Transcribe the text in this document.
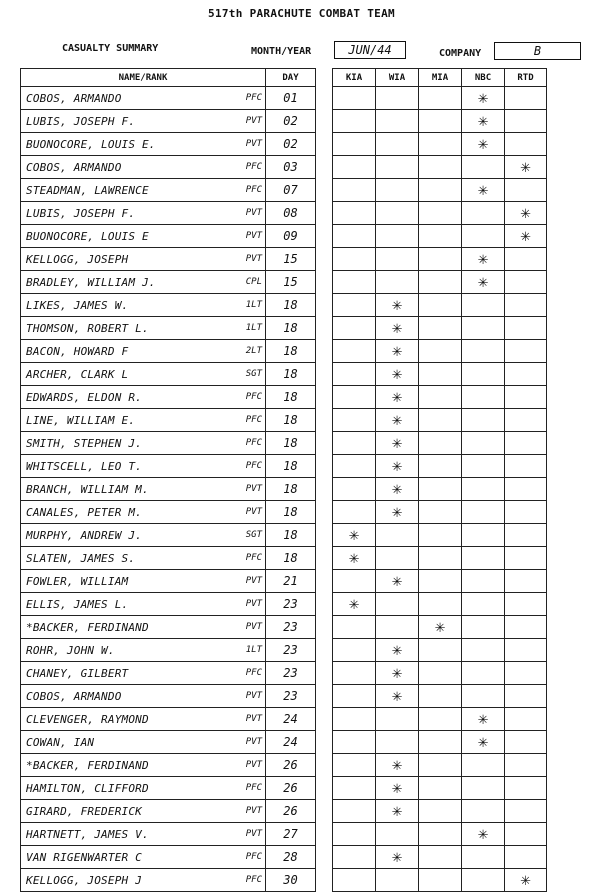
517th PARACHUTE COMBAT TEAM
CASUALTY SUMMARY	MONTH/YEAR	JUN/44	COMPANY	B
NAME/RANK	DAY		KIA	WIA	MIA	NBC	RTD

COBOS, ARMANDO PFC	01					✳	

LUBIS, JOSEPH F. PVT	02					✳	

BUONOCORE, LOUIS E. PVT	02					✳	

COBOS, ARMANDO PFC	03						✳

STEADMAN, LAWRENCE PFC	07					✳	

LUBIS, JOSEPH F. PVT	08						✳

BUONOCORE, LOUIS E PVT	09						✳

KELLOGG, JOSEPH PVT	15					✳	

BRADLEY, WILLIAM J. CPL	15					✳	

LIKES, JAMES W. 1LT	18			✳			

THOMSON, ROBERT L. 1LT	18			✳			

BACON, HOWARD F 2LT	18			✳			

ARCHER, CLARK L SGT	18			✳			

EDWARDS, ELDON R. PFC	18			✳			

LINE, WILLIAM E. PFC	18			✳			

SMITH, STEPHEN J. PFC	18			✳			

WHITSCELL, LEO T. PFC	18			✳			

BRANCH, WILLIAM M. PVT	18			✳			

CANALES, PETER M. PVT	18			✳			

MURPHY, ANDREW J. SGT	18		✳				

SLATEN, JAMES S. PFC	18		✳				

FOWLER, WILLIAM PVT	21			✳			

ELLIS, JAMES L. PVT	23		✳				

*BACKER, FERDINAND PVT	23				✳		

ROHR, JOHN W. 1LT	23			✳			

CHANEY, GILBERT PFC	23			✳			

COBOS, ARMANDO PVT	23			✳			

CLEVENGER, RAYMOND PVT	24					✳	

COWAN, IAN PVT	24					✳	

*BACKER, FERDINAND PVT	26			✳			

HAMILTON, CLIFFORD PFC	26			✳			

GIRARD, FREDERICK PVT	26			✳			

HARTNETT, JAMES V. PVT	27					✳	

VAN RIGENWARTER C PFC	28			✳			

KELLOGG, JOSEPH J PFC	30						✳
